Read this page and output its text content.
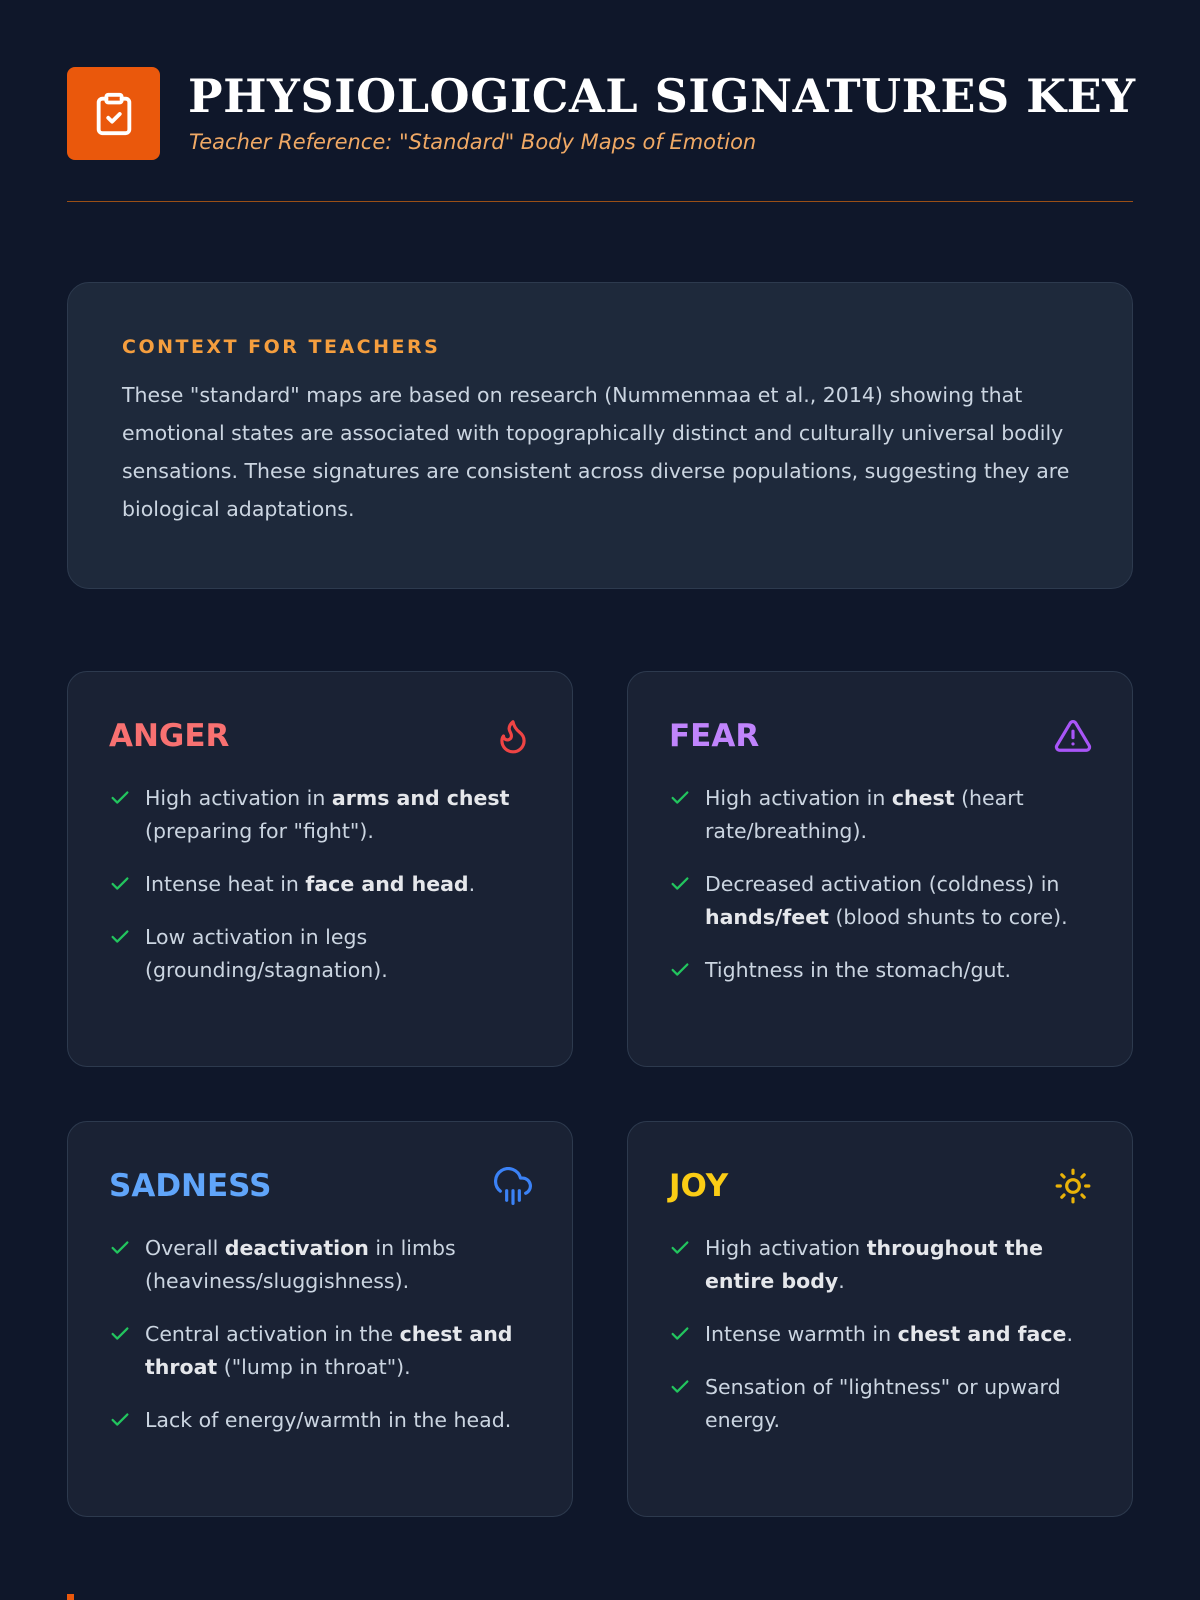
PHYSIOLOGICAL SIGNATURES KEY

Teacher Reference: "Standard" Body Maps of Emotion

CONTEXT FOR TEACHERS

These "standard" maps are based on research (Nummenmaa et al., 2014) showing that emotional states are associated with topographically distinct and culturally universal bodily sensations. These signatures are consistent across diverse populations, suggesting they are biological adaptations.

ANGER
High activation in arms and chest (preparing for "fight").
Intense heat in face and head.
Low activation in legs (grounding/stagnation).
FEAR
High activation in chest (heart rate/breathing).
Decreased activation (coldness) in hands/feet (blood shunts to core).
Tightness in the stomach/gut.
SADNESS
Overall deactivation in limbs (heaviness/sluggishness).
Central activation in the chest and throat ("lump in throat").
Lack of energy/warmth in the head.
JOY
High activation throughout the entire body.
Intense warmth in chest and face.
Sensation of "lightness" or upward energy.
